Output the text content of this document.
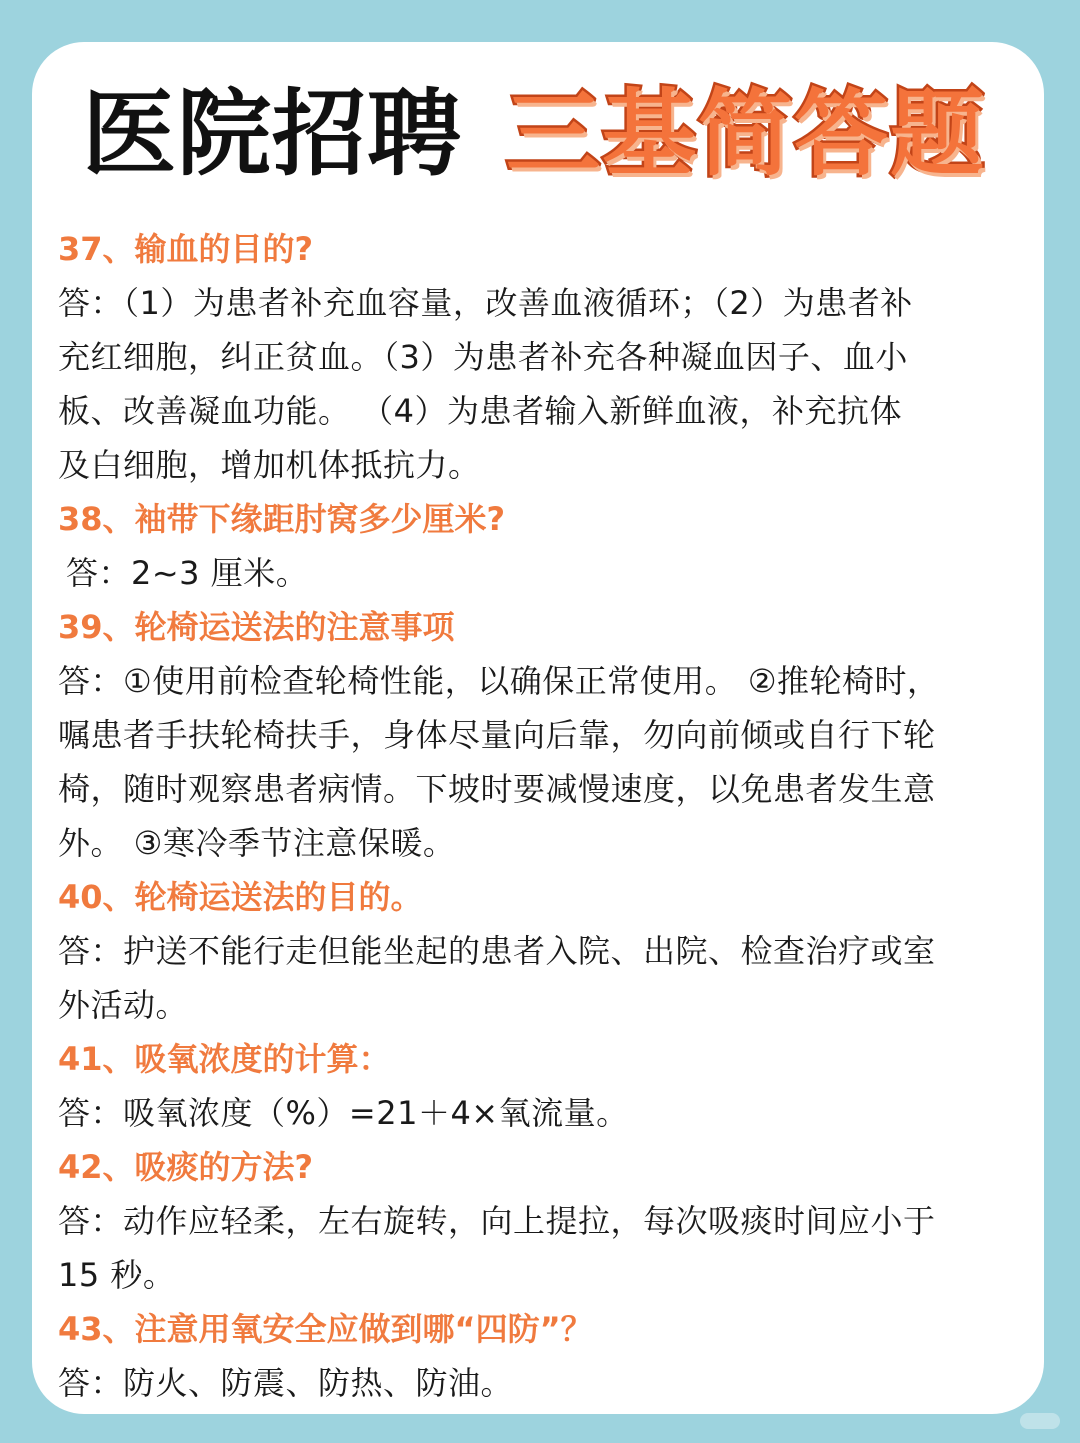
医院招聘 三基简答题
37、输血的目的?
答：（1）为患者补充血容量，改善血液循环；（2）为患者补
充红细胞，纠正贫血。（3）为患者补充各种凝血因子、血小
板、改善凝血功能。 （4）为患者输入新鲜血液，补充抗体
及白细胞，增加机体抵抗力。
38、袖带下缘距肘窝多少厘米?
答：2~3 厘米。
39、轮椅运送法的注意事项
答：①使用前检查轮椅性能，以确保正常使用。 ②推轮椅时，
嘱患者手扶轮椅扶手，身体尽量向后靠，勿向前倾或自行下轮
椅，随时观察患者病情。下坡时要减慢速度，以免患者发生意
外。 ③寒冷季节注意保暖。
40、轮椅运送法的目的。
答：护送不能行走但能坐起的患者入院、出院、检查治疗或室
外活动。
41、吸氧浓度的计算：
答：吸氧浓度（%）=21＋4×氧流量。
42、吸痰的方法?
答：动作应轻柔，左右旋转，向上提拉，每次吸痰时间应小于
15 秒。
43、注意用氧安全应做到哪“四防”？
答：防火、防震、防热、防油。
